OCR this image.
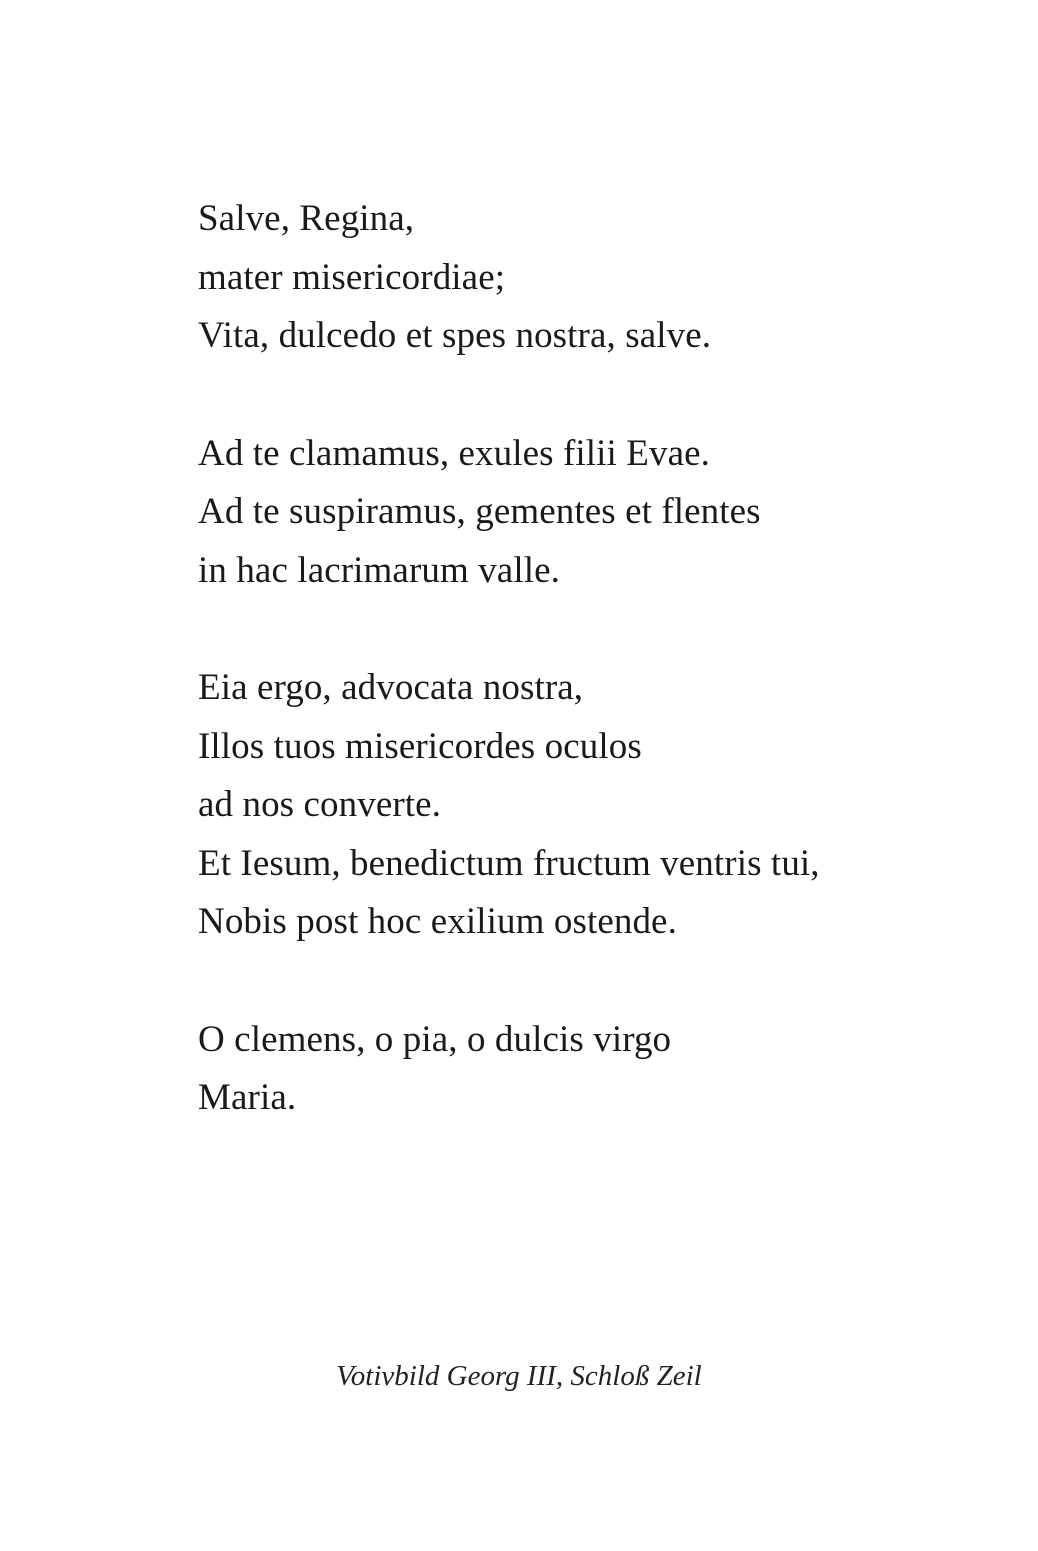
Salve, Regina,
mater misericordiae;
Vita, dulcedo et spes nostra, salve.
Ad te clamamus, exules filii Evae.
Ad te suspiramus, gementes et flentes
in hac lacrimarum valle.
Eia ergo, advocata nostra,
Illos tuos misericordes oculos
ad nos converte.
Et Iesum, benedictum fructum ventris tui,
Nobis post hoc exilium ostende.
O clemens, o pia, o dulcis virgo
Maria.
Votivbild Georg III, Schloß Zeil
